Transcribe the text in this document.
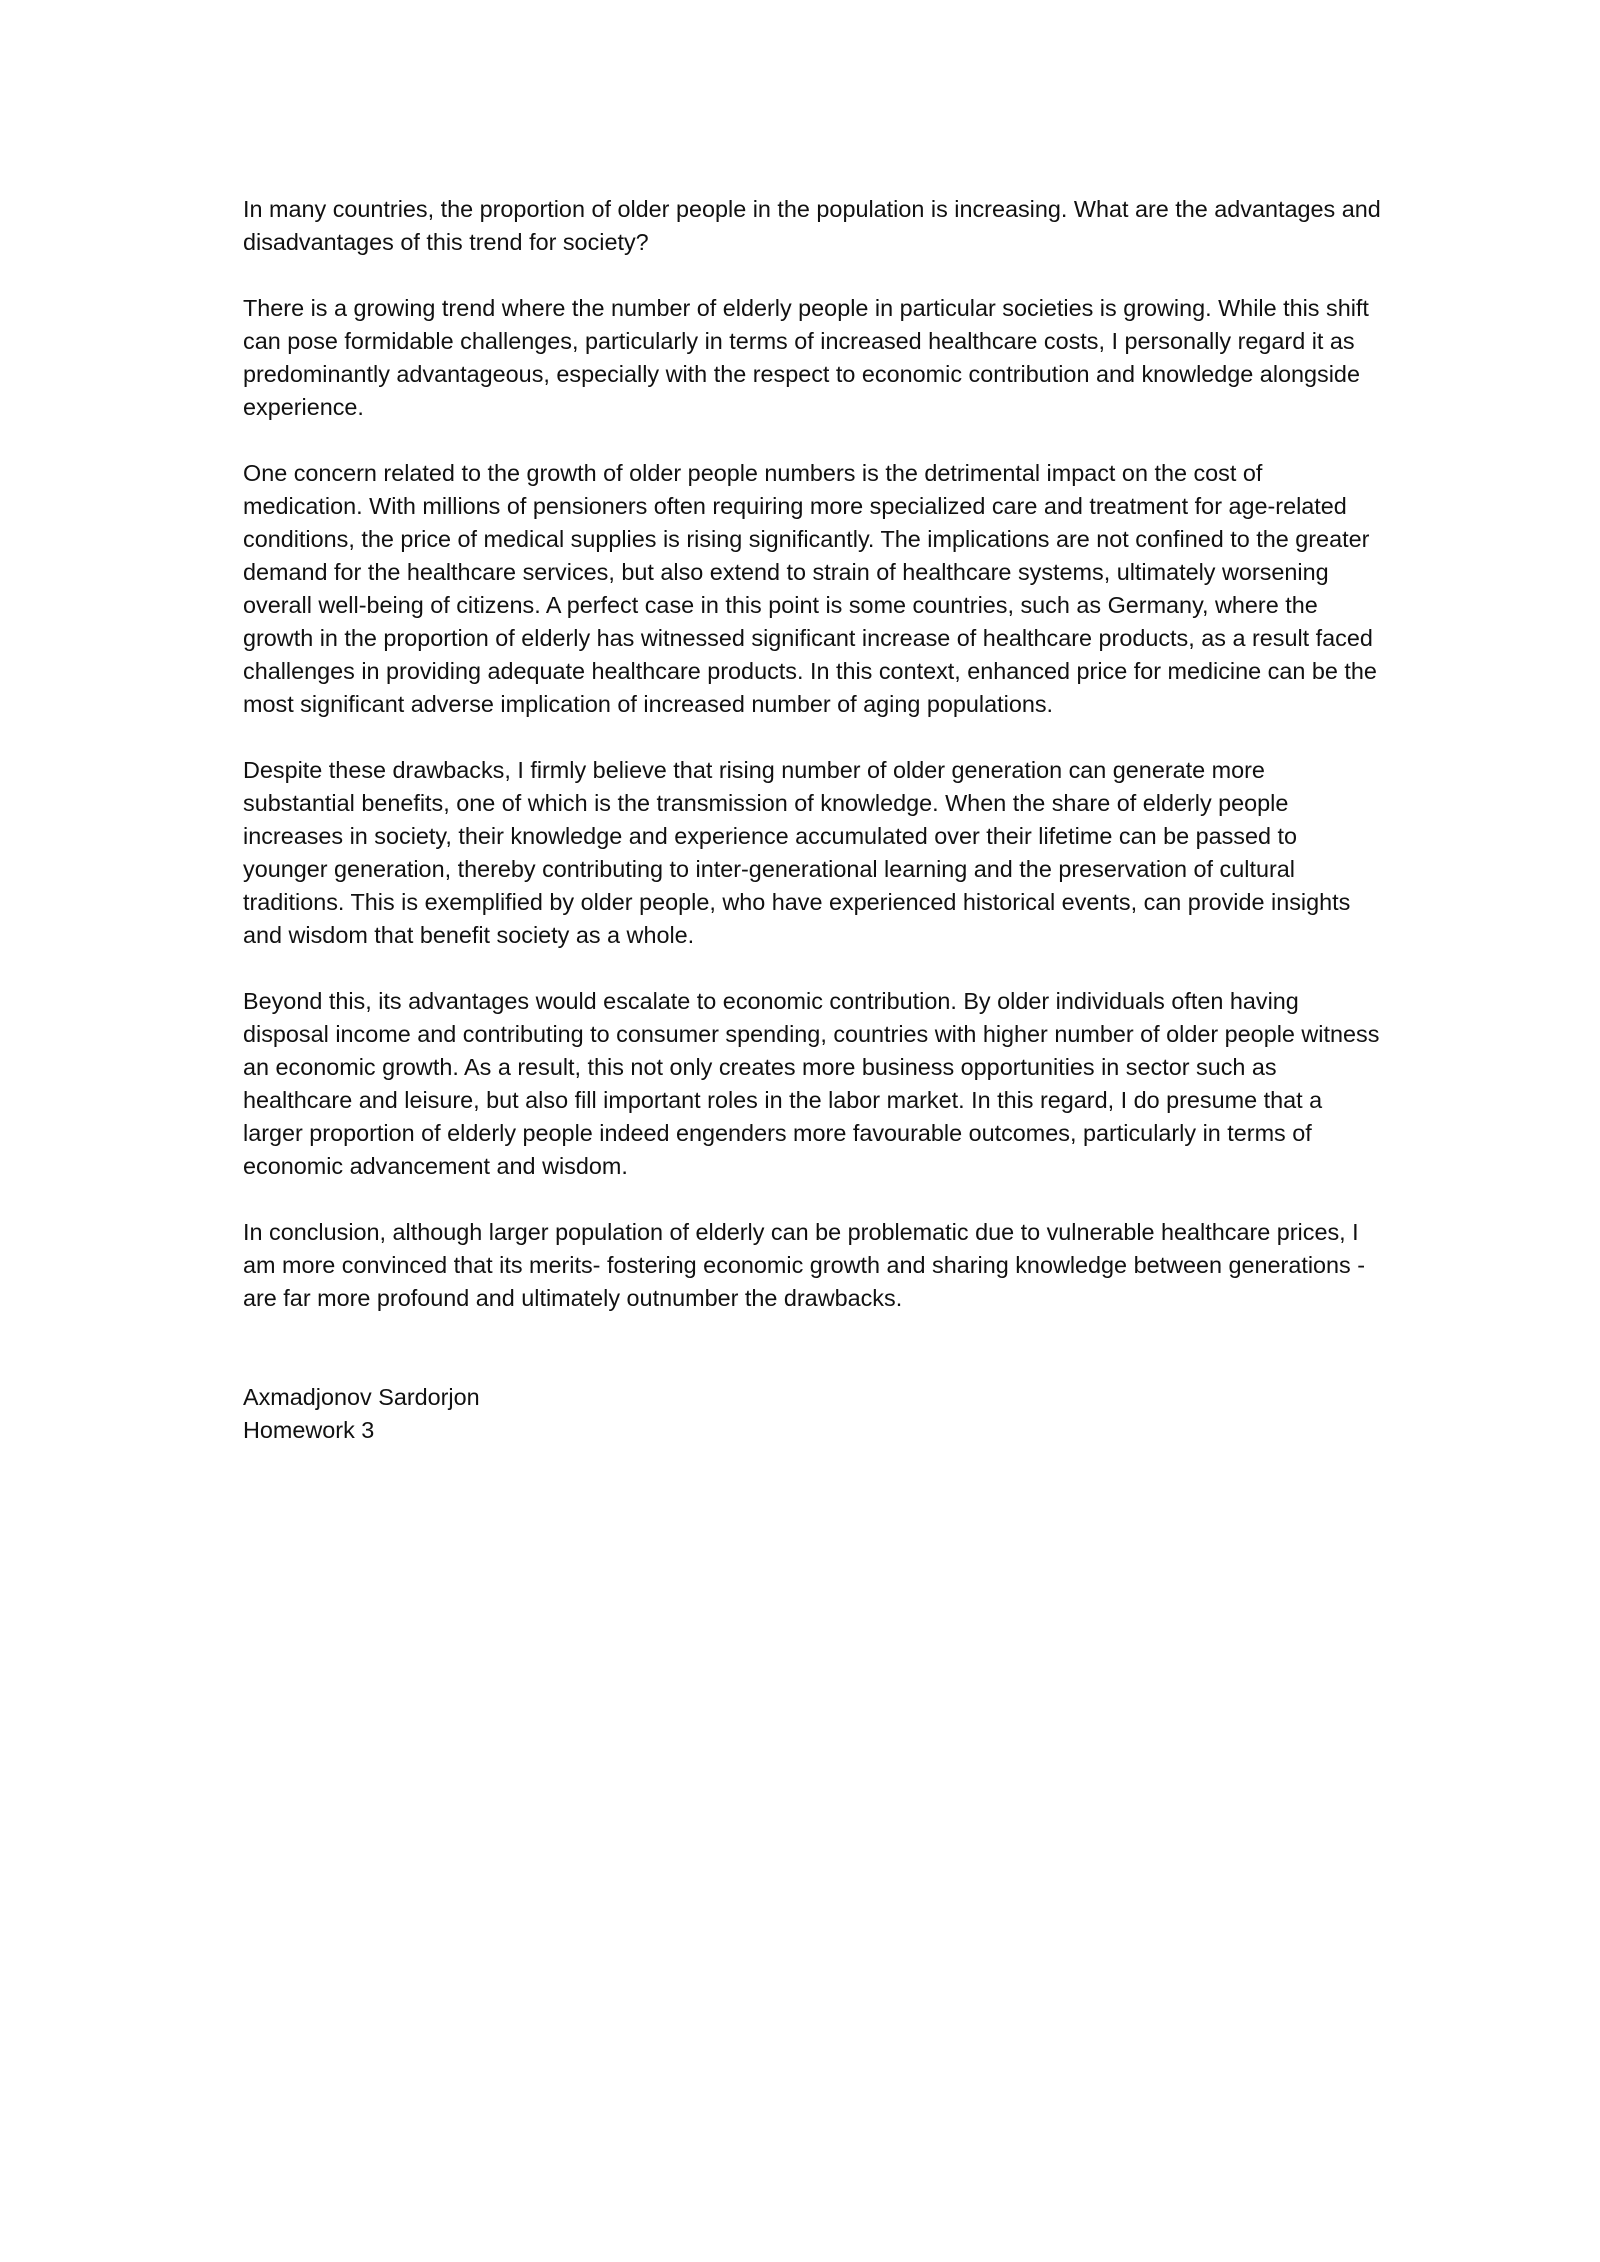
In many countries, the proportion of older people in the population is increasing. What are the advantages and disadvantages of this trend for society?

There is a growing trend where the number of elderly people in particular societies is growing. While this shift can pose formidable challenges, particularly in terms of increased healthcare costs, I personally regard it as predominantly advantageous, especially with the respect to economic contribution and knowledge alongside experience.

One concern related to the growth of older people numbers is the detrimental impact on the cost of medication. With millions of pensioners often requiring more specialized care and treatment for age-related conditions, the price of medical supplies is rising significantly. The implications are not confined to the greater demand for the healthcare services, but also extend to strain of healthcare systems, ultimately worsening overall well-being of citizens. A perfect case in this point is some countries, such as Germany, where the growth in the proportion of elderly has witnessed significant increase of healthcare products, as a result faced challenges in providing adequate healthcare products. In this context, enhanced price for medicine can be the most significant adverse implication of increased number of aging populations.

Despite these drawbacks, I firmly believe that rising number of older generation can generate more substantial benefits, one of which is the transmission of knowledge. When the share of elderly people increases in society, their knowledge and experience accumulated over their lifetime can be passed to younger generation, thereby contributing to inter-generational learning and the preservation of cultural traditions. This is exemplified by older people, who have experienced historical events, can provide insights  and wisdom that benefit society as a whole.

Beyond this, its advantages would escalate to economic contribution. By older individuals often having disposal income and contributing to consumer spending, countries with higher number of older people witness an economic growth. As a result, this not only creates more business opportunities in sector such as healthcare and leisure, but also fill important roles in the labor market. In this regard, I do presume that a larger proportion of elderly people indeed engenders more favourable outcomes, particularly in terms of economic advancement and wisdom.

In conclusion, although larger population of elderly can be problematic due to vulnerable healthcare prices, I am more convinced that its merits- fostering economic growth and sharing knowledge between generations -are far more profound and ultimately outnumber the drawbacks.

Axmadjonov Sardorjon
Homework 3
